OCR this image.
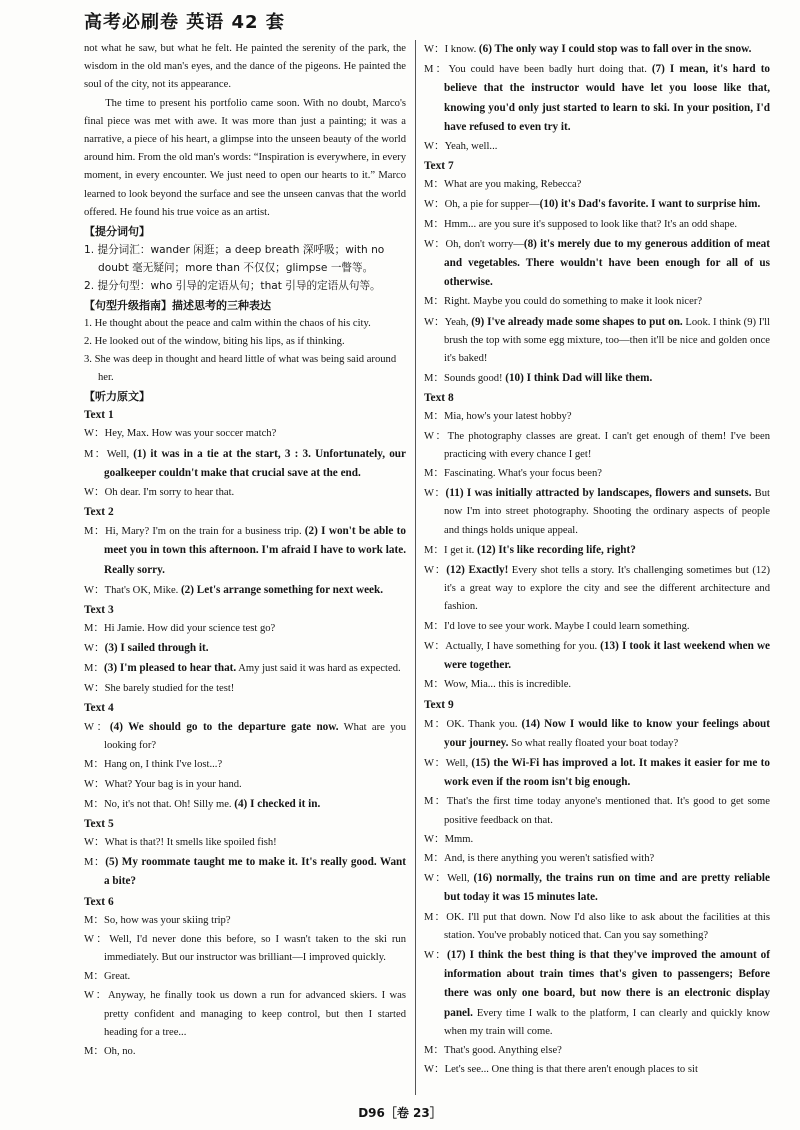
高考必刷卷 英语 42 套

not what he saw, but what he felt. He painted the serenity of the park, the wisdom in the old man's eyes, and the dance of the pigeons. He painted the soul of the city, not its appearance.

The time to present his portfolio came soon. With no doubt, Marco's final piece was met with awe. It was more than just a painting; it was a narrative, a piece of his heart, a glimpse into the unseen beauty of the world around him. From the old man's words: “Inspiration is everywhere, in every moment, in every encounter. We just need to open our hearts to it.” Marco learned to look beyond the surface and see the unseen canvas that the world offered. He found his true voice as an artist.

【提分词句】

1. 提分词汇：wander 闲逛；a deep breath 深呼吸；with no doubt 毫无疑问；more than 不仅仅；glimpse 一瞥等。

2. 提分句型：who 引导的定语从句；that 引导的定语从句等。

【句型升级指南】描述思考的三种表达

1. He thought about the peace and calm within the chaos of his city.

2. He looked out of the window, biting his lips, as if thinking.

3. She was deep in thought and heard little of what was being said around her.

【听力原文】

Text 1

W：Hey, Max. How was your soccer match?

M：Well, (1) it was in a tie at the start, 3 : 3. Unfortunately, our goalkeeper couldn't make that crucial save at the end.

W：Oh dear. I'm sorry to hear that.

Text 2

M：Hi, Mary? I'm on the train for a business trip. (2) I won't be able to meet you in town this afternoon. I'm afraid I have to work late. Really sorry.

W：That's OK, Mike. (2) Let's arrange something for next week.

Text 3

M：Hi Jamie. How did your science test go?

W：(3) I sailed through it.

M：(3) I'm pleased to hear that. Amy just said it was hard as expected.

W：She barely studied for the test!

Text 4

W：(4) We should go to the departure gate now. What are you looking for?

M：Hang on, I think I've lost...?

W：What? Your bag is in your hand.

M：No, it's not that. Oh! Silly me. (4) I checked it in.

Text 5

W：What is that?! It smells like spoiled fish!

M：(5) My roommate taught me to make it. It's really good. Want a bite?

Text 6

M：So, how was your skiing trip?

W：Well, I'd never done this before, so I wasn't taken to the ski run immediately. But our instructor was brilliant—I improved quickly.

M：Great.

W：Anyway, he finally took us down a run for advanced skiers. I was pretty confident and managing to keep control, but then I started heading for a tree...

M：Oh, no.

W：I know. (6) The only way I could stop was to fall over in the snow.

M：You could have been badly hurt doing that. (7) I mean, it's hard to believe that the instructor would have let you loose like that, knowing you'd only just started to learn to ski. In your position, I'd have refused to even try it.

W：Yeah, well...

Text 7

M：What are you making, Rebecca?

W：Oh, a pie for supper—(10) it's Dad's favorite. I want to surprise him.

M：Hmm... are you sure it's supposed to look like that? It's an odd shape.

W：Oh, don't worry—(8) it's merely due to my generous addition of meat and vegetables. There wouldn't have been enough for all of us otherwise.

M：Right. Maybe you could do something to make it look nicer?

W：Yeah, (9) I've already made some shapes to put on. Look. I think (9) I'll brush the top with some egg mixture, too—then it'll be nice and golden once it's baked!

M：Sounds good! (10) I think Dad will like them.

Text 8

M：Mia, how's your latest hobby?

W：The photography classes are great. I can't get enough of them! I've been practicing with every chance I get!

M：Fascinating. What's your focus been?

W：(11) I was initially attracted by landscapes, flowers and sunsets. But now I'm into street photography. Shooting the ordinary aspects of people and things holds unique appeal.

M：I get it. (12) It's like recording life, right?

W：(12) Exactly! Every shot tells a story. It's challenging sometimes but (12) it's a great way to explore the city and see the different architecture and fashion.

M：I'd love to see your work. Maybe I could learn something.

W：Actually, I have something for you. (13) I took it last weekend when we were together.

M：Wow, Mia... this is incredible.

Text 9

M：OK. Thank you. (14) Now I would like to know your feelings about your journey. So what really floated your boat today?

W：Well, (15) the Wi-Fi has improved a lot. It makes it easier for me to work even if the room isn't big enough.

M：That's the first time today anyone's mentioned that. It's good to get some positive feedback on that.

W：Mmm.

M：And, is there anything you weren't satisfied with?

W：Well, (16) normally, the trains run on time and are pretty reliable but today it was 15 minutes late.

M：OK. I'll put that down. Now I'd also like to ask about the facilities at this station. You've probably noticed that. Can you say something?

W：(17) I think the best thing is that they've improved the amount of information about train times that's given to passengers; Before there was only one board, but now there is an electronic display panel. Every time I walk to the platform, I can clearly and quickly know when my train will come.

M：That's good. Anything else?

W：Let's see... One thing is that there aren't enough places to sit

D96［卷 23］
